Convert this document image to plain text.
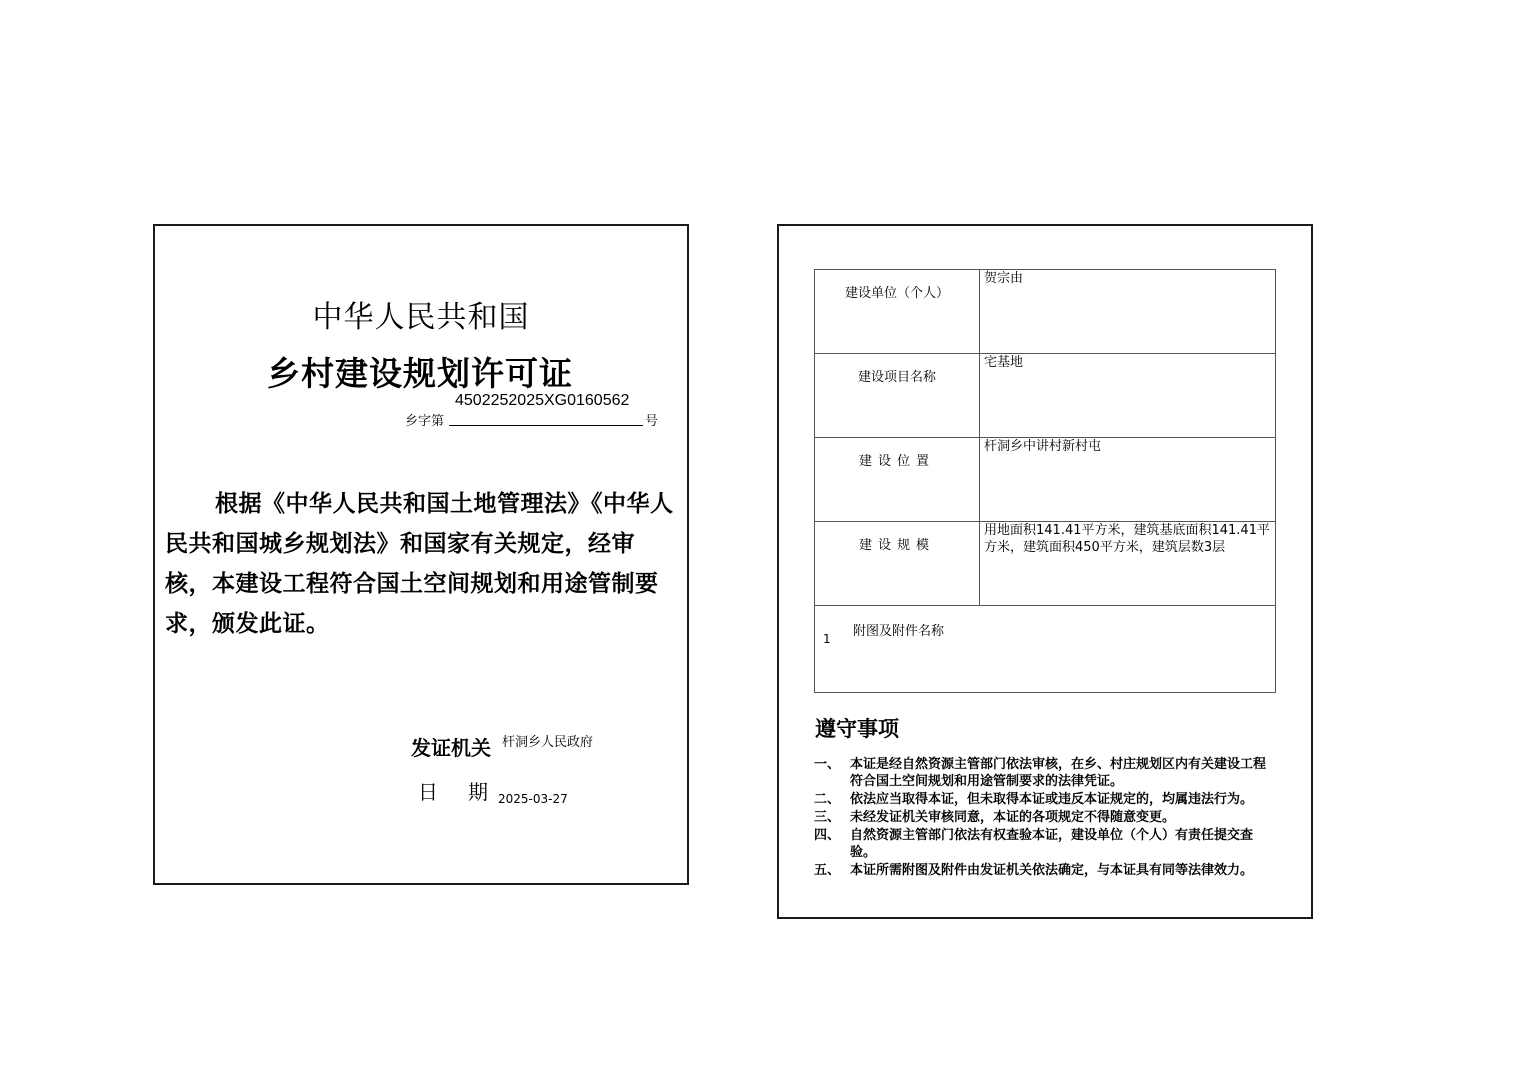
中华人民共和国
乡村建设规划许可证
4502252025XG0160562
乡字第	号

根据《中华人民共和国土地管理法》《中华人民共和国城乡规划法》和国家有关规定，经审核，本建设工程符合国土空间规划和用途管制要求，颁发此证。

发证机关 杆洞乡人民政府
日期
2025-03-27
建设单位（个人）	贺宗由
建设项目名称	宅基地
建设位置	杆洞乡中讲村新村屯
建设规模	用地面积141.41平方米，建筑基底面积141.41平方米，建筑面积450平方米，建筑层数3层

1 附图及附件名称	
遵守事项
一、 本证是经自然资源主管部门依法审核，在乡、村庄规划区内有关建设工程符合国土空间规划和用途管制要求的法律凭证。
二、 依法应当取得本证，但未取得本证或违反本证规定的，均属违法行为。
三、 未经发证机关审核同意，本证的各项规定不得随意变更。
四、 自然资源主管部门依法有权查验本证，建设单位（个人）有责任提交查验。
五、 本证所需附图及附件由发证机关依法确定，与本证具有同等法律效力。
